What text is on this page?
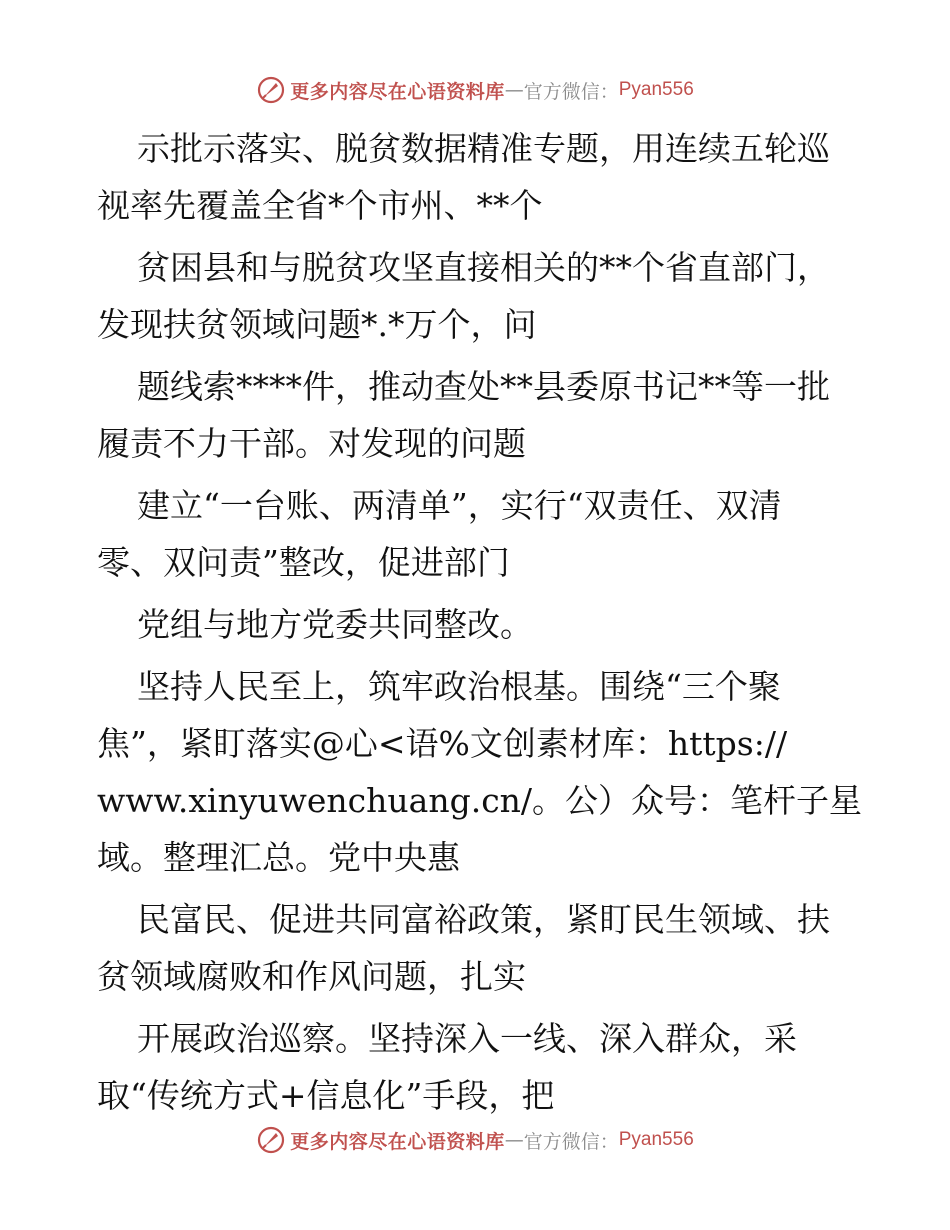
更多内容尽在心语资料库 — 官方微信： Pyan556
示批示落实、脱贫数据精准专题，用连续五轮巡
视率先覆盖全省*个市州、**个
贫困县和与脱贫攻坚直接相关的**个省直部门，
发现扶贫领域问题*.*万个，问
题线索****件，推动查处**县委原书记**等一批
履责不力干部。对发现的问题
建立“一台账、两清单”，实行“双责任、双清
零、双问责”整改，促进部门
党组与地方党委共同整改。
坚持人民至上，筑牢政治根基。围绕“三个聚
焦”，紧盯落实@心<语%文创素材库：https://
www.xinyuwenchuang.cn/。公）众号：笔杆子星
域。整理汇总。党中央惠
民富民、促进共同富裕政策，紧盯民生领域、扶
贫领域腐败和作风问题，扎实
开展政治巡察。坚持深入一线、深入群众，采
取“传统方式+信息化”手段，把
更多内容尽在心语资料库 — 官方微信： Pyan556
